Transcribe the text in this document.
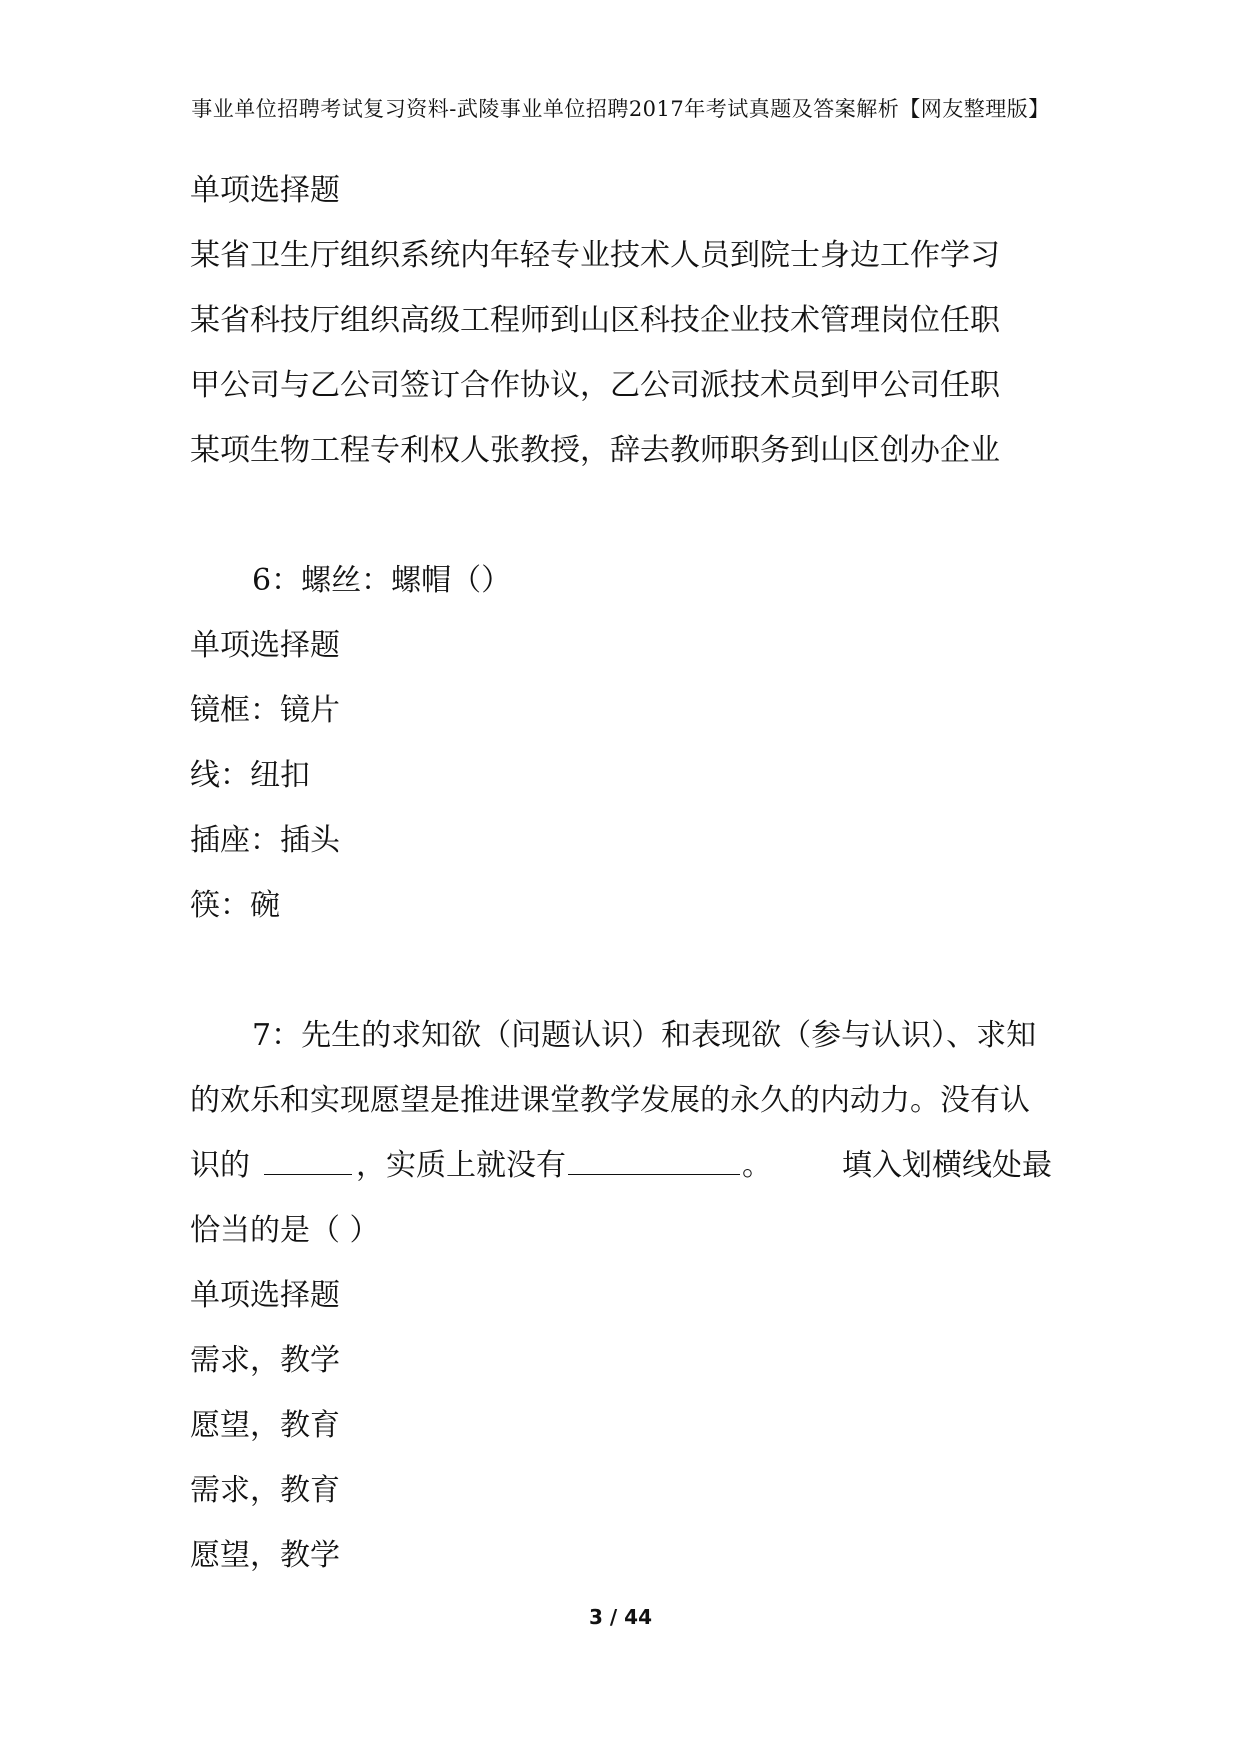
事业单位招聘考试复习资料-武陵事业单位招聘2017年考试真题及答案解析【网友整理版】
单项选择题
某省卫生厅组织系统内年轻专业技术人员到院士身边工作学习
某省科技厅组织高级工程师到山区科技企业技术管理岗位任职
甲公司与乙公司签订合作协议，乙公司派技术员到甲公司任职
某项生物工程专利权人张教授，辞去教师职务到山区创办企业
6：螺丝：螺帽（）
单项选择题
镜框：镜片
线：纽扣
插座：插头
筷：碗
7：先生的求知欲（问题认识）和表现欲（参与认识）、求知
的欢乐和实现愿望是推进课堂教学发展的永久的内动力。没有认
识的	，实质上就没有	。 填入划横线处最
恰当的是（ ）
单项选择题
需求，教学
愿望，教育
需求，教育
愿望，教学
3 / 44
